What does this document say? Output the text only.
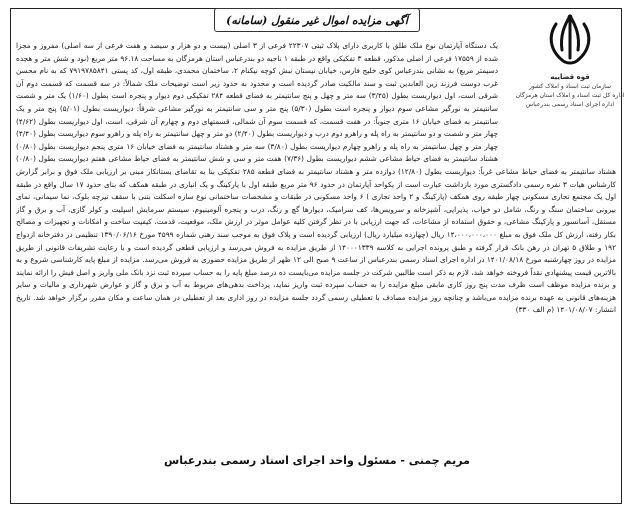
آگهی مزایده اموال غیر منقول (سامانه)
قوه قضاییه
سازمان ثبت اسناد و املاک کشور
اداره کل ثبت اسناد و املاک استان هرمزگان
اداره اجرای اسناد رسمی بندرعباس
یک دستگاه آپارتمان نوع ملک طلق با کاربری دارای پلاک ثبتی ۲۲۳۰۷ فرعی از ۳ اصلی (بیست و دو هزار و سیصد و هفت فرعی از سه اصلی) مفروز و مجزا شده از ۱۷۵۵۹ فرعی از اصلی مذکور، قطعه ۳ تفکیکی واقع در طبقه ۱ ناحیه دو بندرعباس استان هرمزگان به مساحت ۹۶.۱۸ متر مربع (نود و شش متر و هجده دسیمتر مربع) به نشانی بندرعباس کوی خلیج فارس، خیابان نیستان نبش کوچه نیکنام ۲، ساختمان محمدی، طبقه اول، کد پستی ۷۹۱۹۷۸۵۸۴۱ که به نام محسن غرب دوست فرزند زین العابدین ثبت و سند مالکیت صادر گردیده است و محدود به حدود زیر است توضیحات ملک شمالاً: در سه قسمت که قسمت دوم آن شرقی است، اول دیواریست بطول (۳/۴۵) سه متر و چهل و پنج سانتیمتر به فضای قطعه ۲۸۴ تفکیکی دوم دیوار و پنجره است بطول (۱/۶۰) یک متر و شصت سانتیمتر به نورگیر مشاعی سوم دیوار و پنجره است بطول (۵/۳۰) پنج متر و سی سانتیمتر به نورگیر مشاعی شرقاً: دیواریست بطول (۵/۰۱) پنج متر و یک سانتیمتر به فضای خیابان ۱۶ متری جنوباً: در هفت قسمت، که قسمت سوم آن شمالی، قسمتهای دوم و چهارم آن شرقی، است، اول دیواریست بطول (۴/۶۲) چهار متر و شصت و دو سانتیمتر به راه پله و راهرو دوم درب و دیواریست بطول (۲/۴۰) دو متر و چهل سانتیمتر به راه پله و راهرو سوم دیواریست بطول (۴/۴۰) چهار متر و چهل سانتیمتر به راه پله و راهرو چهارم دیواریست بطول (۳/۸۰) سه متر و هشتاد سانتیمتر به فضای خیابان ۱۶ متری پنجم دیواریست بطول (۰/۸۰) هشتاد سانتیمتر به فضای حیاط مشاعی ششم دیواریست بطول (۷/۳۶) هفت متر و سی و شش سانتیمتر به فضای حیاط مشاعی هفتم دیواریست بطول (۰/۸۰) هشتاد سانتیمتر به فضای حیاط مشاعی غرباً: دیواریست بطول (۱۲/۸۰) دوازده متر و هشتاد سانتیمتر به فضای قطعه ۲۸۵ تفکیکی بنا به تقاضای بستانکار مبنی بر ارزیابی ملک فوق و برابر گزارش کارشناس هیات ۳ نفره رسمی دادگستری مورد بازداشت عبارت است از یکواحد آپارتمان در حدود ۹۶ متر مربع طبقه اول با پارکینگ و یک انباری در طبقه همکف که بنای حدود ۱۷ سال واقع در طبقه اول یک مجتمع تجاری مسکونی چهار طبقه روی همکف (پارکینگ و ۲ واحد تجاری ) ۶ واحد مسکونی در طبقات و مشخصات ساختمانی نوع سازه اسکلت بتنی با سقف تیرچه بلوک، نما سیمانی، نمای بیرونی ساختمان سنگ و رنگ، شامل دو خواب، پذیرایی، آشپزخانه و سرویس‌ها، کف سرامیک، دیوارها گچ و رنگ، درب و پنجره آلومینیوم، سیستم سرمایش اسپلیت و کولر گازی، آب و برق و گاز مستقل، آسانسور و پارکینگ مشاعی، و حقوق استفاده از مشاعات، که جهت ارزیابی با در نظر گرفتن کلیه عوامل موثر در ارزش ملک، موقعیت، قدمت، کیفیت ساخت و امکانات و تجهیزات و مصالح بکار رفته، ارزش کل ملک فوق به مبلغ ۱۴،۰۰۰،۰۰۰،۰۰۰ ریال (چهارده میلیارد ریال) ارزیابی گردیده است و پلاک فوق به موجب سند رهنی شماره ۴۵۹۹ مورخ ۱۳۹۰/۰۶/۱۶ تنظیمی در دفترخانه ازدواج ۱۹۲ و طلاق ۵ تهران در رهن بانک قرار گرفته و طبق پرونده اجرایی به کلاسه ۱۴۰۰۰۱۳۳۹ از طریق مزایده به فروش می‌رسد و ارزیابی قطعی گردیده است و با رعایت تشریفات قانونی از طریق مزایده در روز چهارشنبه مورخ ۱۴۰۱/۰۸/۱۸ در اداره اجرای اسناد رسمی بندرعباس از ساعت ۹ صبح الی ۱۲ ظهر از طریق مزایده حضوری به فروش می‌رسد. مزایده از مبلغ پایه کارشناسی شروع و به بالاترین قیمت پیشنهادی نقداً فروخته خواهد شد، لازم به ذکر است طالبین شرکت در جلسه مزایده می‌بایست ده درصد مبلغ پایه را به حساب سپرده ثبت نزد بانک ملی واریز و اصل فیش را ارائه نمایند و برنده مزایده موظف است ظرف مدت پنج روز کاری مابقی مبلغ مزایده را به حساب سپرده ثبت واریز نماید، پرداخت بدهی‌های مربوط به آب و برق و گاز و عوارض شهرداری و مالیات و سایر هزینه‌های قانونی به عهده برنده مزایده می‌باشد و چنانچه روز مزایده مصادف با تعطیلی رسمی گردد جلسه مزایده در روز اداری بعد از تعطیلی در همان ساعت و مکان مقرر برگزار خواهد شد. تاریخ انتشار: ۱۴۰۱/۰۸/۰۷ (م الف ۳۳۰)
مریم چمنی - مسئول واحد اجرای اسناد رسمی بندرعباس
